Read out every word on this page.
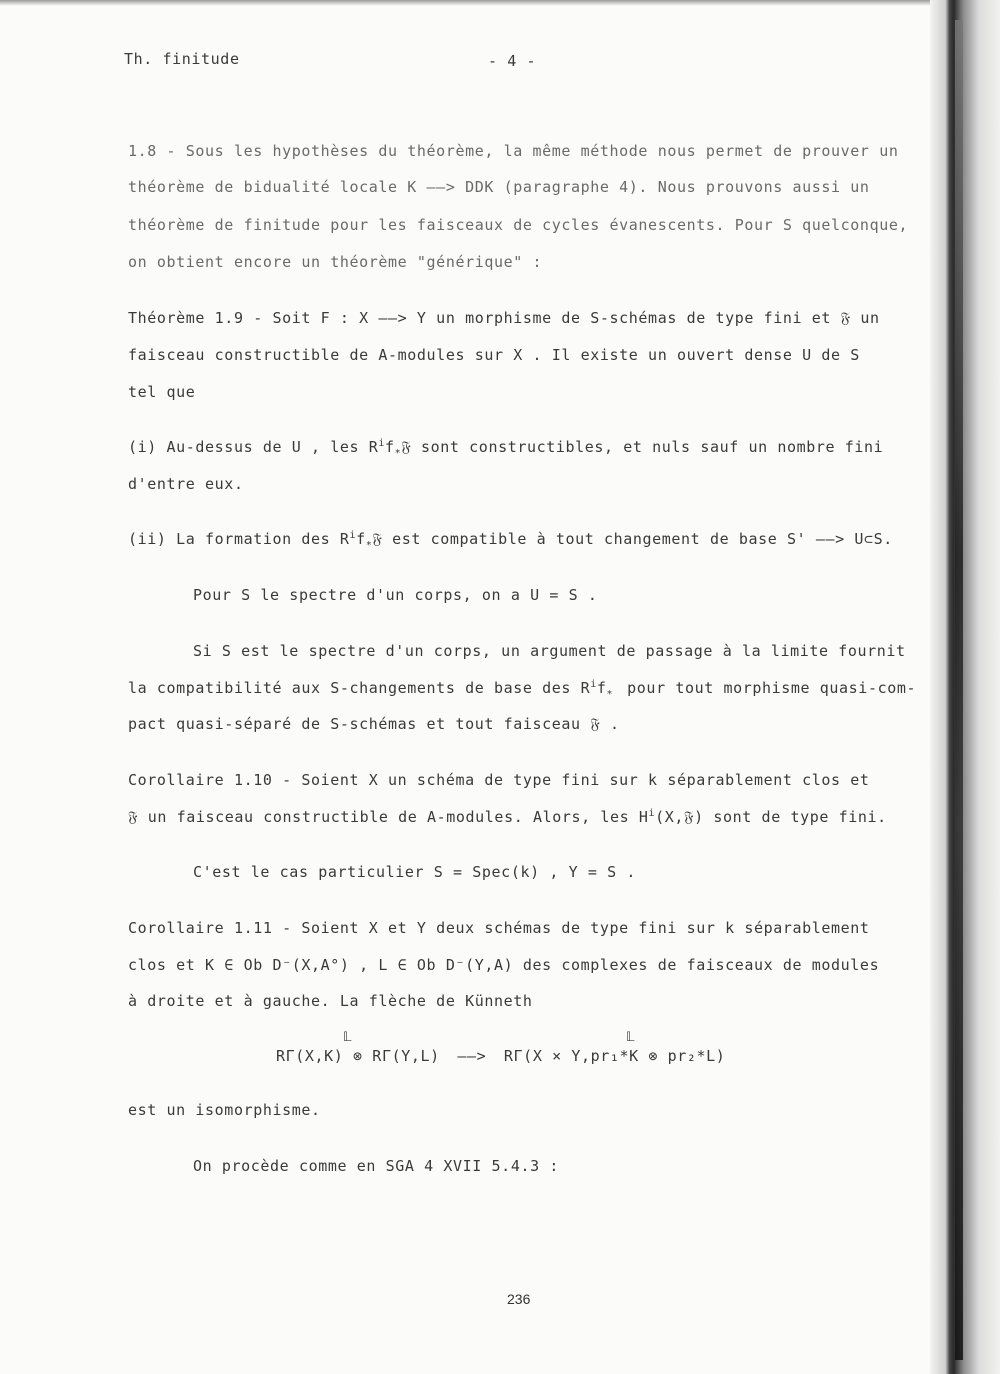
Th. finitude	- 4 -
1.8 - Sous les hypothèses du théorème, la même méthode nous permet de prouver un
théorème de bidualité locale K ——> DDK (paragraphe 4). Nous prouvons aussi un
théorème de finitude pour les faisceaux de cycles évanescents. Pour S quelconque,
on obtient encore un théorème "générique" :
Théorème 1.9 - Soit F : X ——> Y un morphisme de S-schémas de type fini et 𝔉 un
faisceau constructible de A-modules sur X . Il existe un ouvert dense U de S
tel que
(i) Au-dessus de U , les $R^if_*𝔉$ sont constructibles, et nuls sauf un nombre fini
d'entre eux.
(ii) La formation des $R^if_*𝔉$ est compatible à tout changement de base S' ——> U⊂S.
Pour S le spectre d'un corps, on a U = S .
Si S est le spectre d'un corps, un argument de passage à la limite fournit
la compatibilité aux S-changements de base des $R^if_*$ pour tout morphisme quasi-com-
pact quasi-séparé de S-schémas et tout faisceau 𝔉 .
Corollaire 1.10 - Soient X un schéma de type fini sur k séparablement clos et
𝔉 un faisceau constructible de A-modules. Alors, les $H^i(X,𝔉)$ sont de type fini.
C'est le cas particulier S = Spec(k) , Y = S .
Corollaire 1.11 - Soient X et Y deux schémas de type fini sur k séparablement
clos et K ∈ Ob D⁻(X,A°) , L ∈ Ob D⁻(Y,A) des complexes de faisceaux de modules
à droite et à gauche. La flèche de Künneth
𝕃	𝕃
RΓ(X,K) ⊗ RΓ(Y,L) ——> RΓ(X × Y,pr₁*K ⊗ pr₂*L)
est un isomorphisme.
On procède comme en SGA 4 XVII 5.4.3 :
236
